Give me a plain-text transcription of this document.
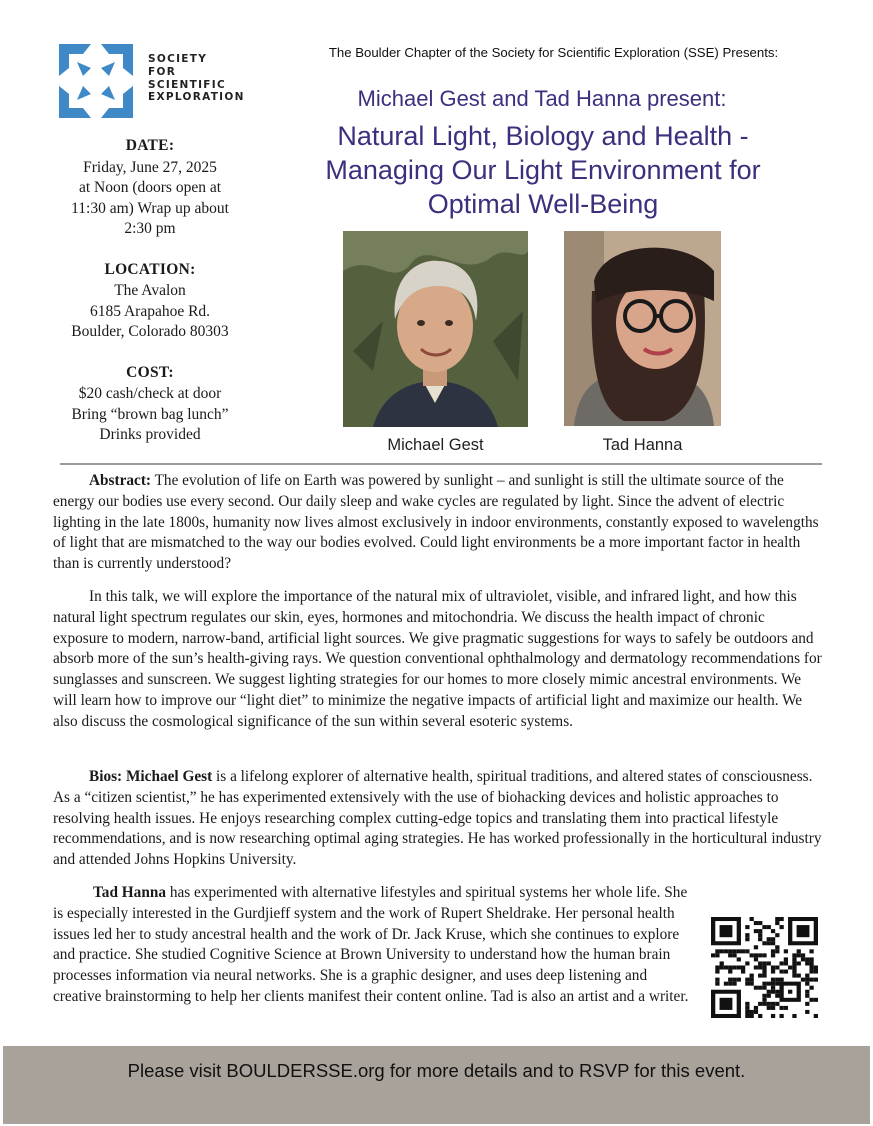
SOCIETY
FOR
SCIENTIFIC
EXPLORATION
DATE:
Friday, June 27, 2025
at Noon (doors open at
11:30 am) Wrap up about
2:30 pm
LOCATION:
The Avalon
6185 Arapahoe Rd.
Boulder, Colorado 80303
COST:
$20 cash/check at door
Bring “brown bag lunch”
Drinks provided
The Boulder Chapter of the Society for Scientific Exploration (SSE) Presents:
Michael Gest and Tad Hanna present:
Natural Light, Biology and Health - Managing Our Light Environment for Optimal Well-Being
Michael Gest	Tad Hanna

Abstract: The evolution of life on Earth was powered by sunlight – and sunlight is still the ultimate source of the energy our bodies use every second. Our daily sleep and wake cycles are regulated by light. Since the advent of electric lighting in the late 1800s, humanity now lives almost exclusively in indoor environments, constantly exposed to wavelengths of light that are mismatched to the way our bodies evolved. Could light environments be a more important factor in health than is currently understood?

In this talk, we will explore the importance of the natural mix of ultraviolet, visible, and infrared light, and how this natural light spectrum regulates our skin, eyes, hormones and mitochondria. We discuss the health impact of chronic exposure to modern, narrow-band, artificial light sources. We give pragmatic suggestions for ways to safely be outdoors and absorb more of the sun’s health-giving rays. We question conventional ophthalmology and dermatology recommendations for sunglasses and sunscreen. We suggest lighting strategies for our homes to more closely mimic ancestral environments. We will learn how to improve our “light diet” to minimize the negative impacts of artificial light and maximize our health. We also discuss the cosmological significance of the sun within several esoteric systems.

Bios: Michael Gest is a lifelong explorer of alternative health, spiritual traditions, and altered states of consciousness. As a “citizen scientist,” he has experimented extensively with the use of biohacking devices and holistic approaches to resolving health issues. He enjoys researching complex cutting-edge topics and translating them into practical lifestyle recommendations, and is now researching optimal aging strategies. He has worked professionally in the horticultural industry and attended Johns Hopkins University.

Tad Hanna has experimented with alternative lifestyles and spiritual systems her whole life. She is especially interested in the Gurdjieff system and the work of Rupert Sheldrake. Her personal health issues led her to study ancestral health and the work of Dr. Jack Kruse, which she continues to explore and practice. She studied Cognitive Science at Brown University to understand how the human brain processes information via neural networks. She is a graphic designer, and uses deep listening and creative brainstorming to help her clients manifest their content online. Tad is also an artist and a writer.

Please visit BOULDERSSE.org for more details and to RSVP for this event.
